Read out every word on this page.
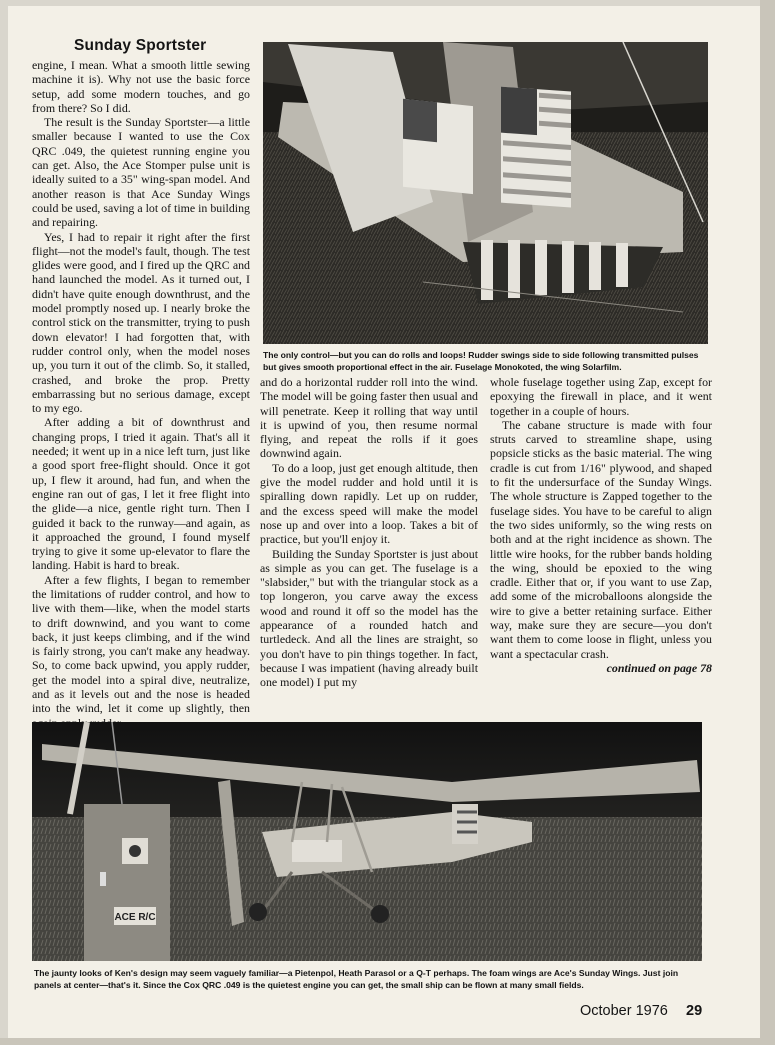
Sunday Sportster

engine, I mean. What a smooth little sewing machine it is). Why not use the basic force setup, add some modern touches, and go from there? So I did.

The result is the Sunday Sportster—a little smaller because I wanted to use the Cox QRC .049, the quietest running engine you can get. Also, the Ace Stomper pulse unit is ideally suited to a 35" wing-span model. And another reason is that Ace Sunday Wings could be used, saving a lot of time in building and repairing.

Yes, I had to repair it right after the first flight—not the model's fault, though. The test glides were good, and I fired up the QRC and hand launched the model. As it turned out, I didn't have quite enough downthrust, and the model promptly nosed up. I nearly broke the control stick on the transmitter, trying to push down elevator! I had forgotten that, with rudder control only, when the model noses up, you turn it out of the climb. So, it stalled, crashed, and broke the prop. Pretty embarrassing but no serious damage, except to my ego.

After adding a bit of downthrust and changing props, I tried it again. That's all it needed; it went up in a nice left turn, just like a good sport free-flight should. Once it got up, I flew it around, had fun, and when the engine ran out of gas, I let it free flight into the glide—a nice, gentle right turn. Then I guided it back to the runway—and again, as it approached the ground, I found myself trying to give it some up-elevator to flare the landing. Habit is hard to break.

After a few flights, I began to remember the limitations of rudder control, and how to live with them—like, when the model starts to drift downwind, and you want to come back, it just keeps climbing, and if the wind is fairly strong, you can't make any headway. So, to come back upwind, you apply rudder, get the model into a spiral dive, neutralize, and as it levels out and the nose is headed into the wind, let it come up slightly, then

and do a horizontal rudder roll into the wind. The model will be going faster then usual and will penetrate. Keep it rolling that way until it is upwind of you, then resume normal flying, and repeat the rolls if it goes downwind again.

To do a loop, just get enough altitude, then give the model rudder and hold until it is spiralling down rapidly. Let up on rudder, and the excess speed will make the model nose up and over into a loop. Takes a bit of practice, but you'll enjoy it.

Building the Sunday Sportster is just about as simple as you can get. The fuselage is a "slabsider," but with the triangular stock as a top longeron, you carve away the excess wood and round it off so the model has the appearance of a rounded hatch and turtledeck. And all the lines are straight, so you don't have to pin things together. In fact, because I was impatient (having already built one model) I put my

whole fuselage together using Zap, except for epoxying the firewall in place, and it went together in a couple of hours.

The cabane structure is made with four struts carved to streamline shape, using popsicle sticks as the basic material. The wing cradle is cut from 1/16" plywood, and shaped to fit the undersurface of the Sunday Wings. The whole structure is Zapped together to the fuselage sides. You have to be careful to align the two sides uniformly, so the wing rests on both and at the right incidence as shown. The little wire hooks, for the rubber bands holding the wing, should be epoxied to the wing cradle. Either that or, if you want to use Zap, add some of the microballoons alongside the wire to give a better retaining surface. Either way, make sure they are secure—you don't want them to come loose in flight, unless you want a spectacular crash.
continued on page 78

The only control—but you can do rolls and loops! Rudder swings side to side following transmitted pulses but gives smooth proportional effect in the air. Fuselage Monokoted, the wing Solarfilm.
ACE R/C
The jaunty looks of Ken's design may seem vaguely familiar—a Pietenpol, Heath Parasol or a Q-T perhaps. The foam wings are Ace's Sunday Wings. Just join panels at center—that's it. Since the Cox QRC .049 is the quietest engine you can get, the small ship can be flown at many small fields.
October 1976 29
